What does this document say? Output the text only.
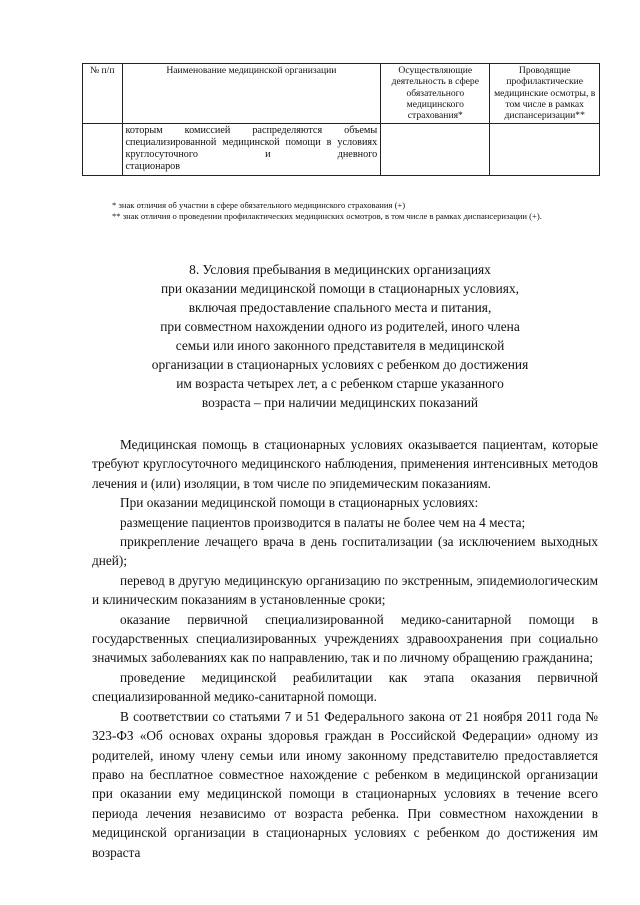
№ п/п	Наименование медицинской организации	Осуществляющие деятельность в сфере обязательного медицинского страхования*	Проводящие профилактические медицинские осмотры, в том числе в рамках диспансеризации**
	которым комиссией распределяются объемы специализированной медицинской помощи в условиях круглосуточного и дневного
стационаров		

* знак отличия об участии в сфере обязательного медицинского страхования (+)

** знак отличия о проведении профилактических медицинских осмотров, в том числе в рамках диспансеризации (+).

8. Условия пребывания в медицинских организациях
при оказании медицинской помощи в стационарных условиях,
включая предоставление спального места и питания,
при совместном нахождении одного из родителей, иного члена
семьи или иного законного представителя в медицинской
организации в стационарных условиях с ребенком до достижения
им возраста четырех лет, а с ребенком старше указанного
возраста – при наличии медицинских показаний

Медицинская помощь в стационарных условиях оказывается пациентам, которые требуют круглосуточного медицинского наблюдения, применения интенсивных методов лечения и (или) изоляции, в том числе по эпидемическим показаниям.

При оказании медицинской помощи в стационарных условиях:

размещение пациентов производится в палаты не более чем на 4 места;

прикрепление лечащего врача в день госпитализации (за исключением выходных дней);

перевод в другую медицинскую организацию по экстренным, эпидемиологическим и клиническим показаниям в установленные сроки;

оказание первичной специализированной медико-санитарной помощи в государственных специализированных учреждениях здравоохранения при социально значимых заболеваниях как по направлению, так и по личному обращению гражданина;

проведение медицинской реабилитации как этапа оказания первичной специализированной медико-санитарной помощи.

В соответствии со статьями 7 и 51 Федерального закона от 21 ноября 2011 года № 323-ФЗ «Об основах охраны здоровья граждан в Российской Федерации» одному из родителей, иному члену семьи или иному законному представителю предоставляется право на бесплатное совместное нахождение с ребенком в медицинской организации при оказании ему медицинской помощи в стационарных условиях в течение всего периода лечения независимо от возраста ребенка. При совместном нахождении в медицинской организации в стационарных условиях с ребенком до достижения им возраста
